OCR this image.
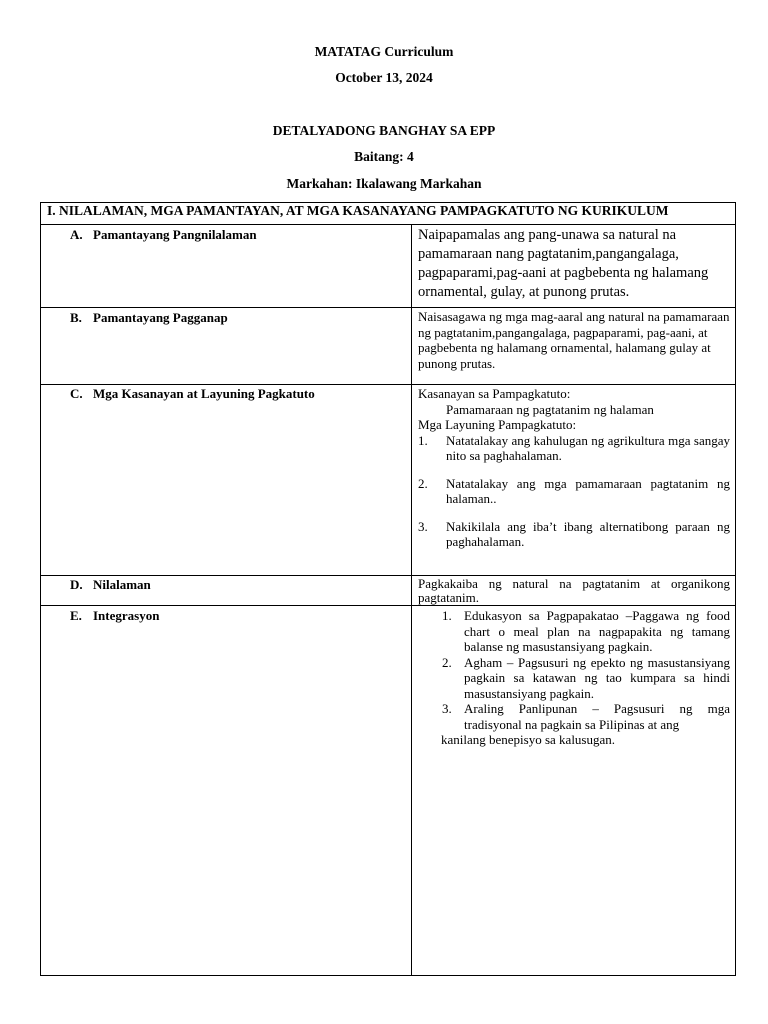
MATATAG Curriculum
October 13, 2024
DETALYADONG BANGHAY SA EPP
Baitang: 4
Markahan: Ikalawang Markahan
I. NILALAMAN, MGA PAMANTAYAN, AT MGA KASANAYANG PAMPAGKATUTO NG KURIKULUM
A. Pamantayang Pangnilalaman	Naipapamalas ang pang-unawa sa natural na pamamaraan nang pagtatanim,pangangalaga, pagpaparami,pag-aani at pagbebenta ng halamang ornamental, gulay, at punong prutas.
B. Pamantayang Pagganap	Naisasagawa ng mga mag-aaral ang natural na pamamaraan ng pagtatanim,pangangalaga, pagpaparami, pag-aani, at pagbebenta ng halamang ornamental, halamang gulay at punong prutas.
C. Mga Kasanayan at Layuning Pagkatuto	Kasanayan sa Pampagkatuto:
Pamamaraan ng pagtatanim ng halaman
Mga Layuning Pampagkatuto:
1. Natatalakay ang kahulugan ng agrikultura mga sangay nito sa paghahalaman.
2. Natatalakay ang mga pamamaraan pagtatanim ng halaman..
3. Nakikilala ang iba’t ibang alternatibong paraan ng paghahalaman.
D. Nilalaman	Pagkakaiba ng natural na pagtatanim at organikong pagtatanim.
E. Integrasyon	1. Edukasyon sa Pagpapakatao –Paggawa ng food chart o meal plan na nagpapakita ng tamang balanse ng masustansiyang pagkain.
2. Agham – Pagsusuri ng epekto ng masustansiyang pagkain sa katawan ng tao kumpara sa hindi masustansiyang pagkain.
3. Araling Panlipunan – Pagsusuri ng mga tradisyonal na pagkain sa Pilipinas at ang
kanilang benepisyo sa kalusugan.
